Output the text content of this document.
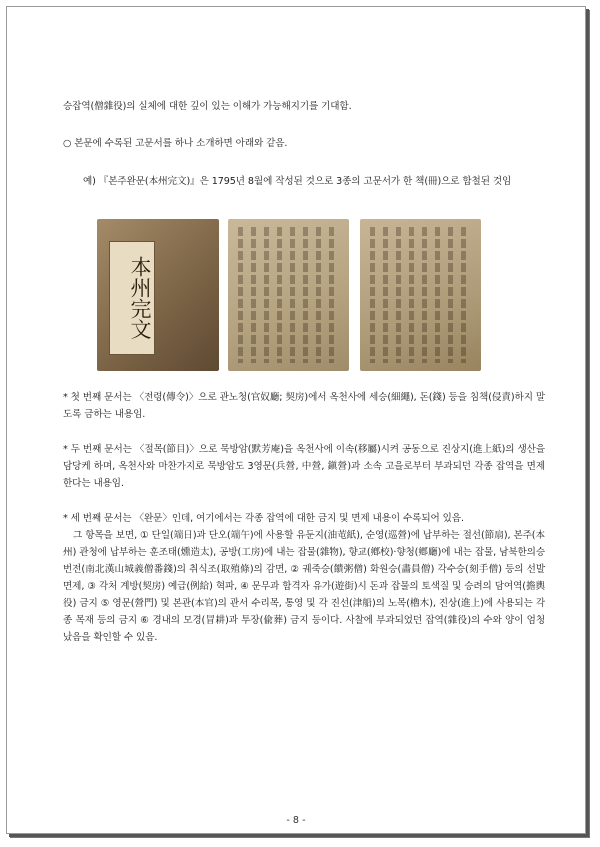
승잡역(僧雜役)의 실체에 대한 깊이 있는 이해가 가능해지기를 기대함.
○ 본문에 수록된 고문서를 하나 소개하면 아래와 같음.
예) 『본주완문(本州完文)』은 1795년 8월에 작성된 것으로 3종의 고문서가 한 책(冊)으로 합철된 것임
本州完文
* 첫 번째 문서는 〈전령(傳令)〉으로 관노청(官奴廳; 契房)에서 옥천사에 세승(細繩), 돈(錢) 등을 침책(侵責)하지 말도록 금하는 내용임.
* 두 번째 문서는 〈절목(節目)〉으로 묵방암(默芳庵)을 옥천사에 이속(移屬)시켜 공동으로 진상지(進上紙)의 생산을 담당케 하며, 옥천사와 마찬가지로 묵방암도 3영문(兵營, 中營, 鎭營)과 소속 고을로부터 부과되던 각종 잡역을 면제한다는 내용임.
* 세 번째 문서는 〈완문〉인데, 여기에서는 각종 잡역에 대한 금지 및 면제 내용이 수록되어 있음.
그 항목을 보면, ① 단일(端日)과 단오(端午)에 사용할 유둔지(油芚紙), 순영(巡營)에 납부하는 절선(節扇), 본주(本州) 관청에 납부하는 훈조태(燻造太), 공방(工房)에 내는 잡물(雜物), 향교(鄕校)·향청(鄕廳)에 내는 잡물, 남북한의승번전(南北漢山城義僧番錢)의 취식조(取殖條)의 감면, ② 궤죽승(饋粥僧) 화원승(畵員僧) 각수승(刻手僧) 등의 선발 면제, ③ 각처 계방(契房) 예급(例給) 혁파, ④ 문무과 합격자 유가(遊街)시 돈과 잡물의 토색질 및 승려의 담여역(擔輿役) 금지 ⑤ 영문(營門) 및 본관(本官)의 관서 수리목, 통영 및 각 진선(津船)의 노목(櫓木), 진상(進上)에 사용되는 각종 목재 등의 금지 ⑥ 경내의 모경(冒耕)과 투장(偸葬) 금지 등이다. 사찰에 부과되었던 잡역(雜役)의 수와 양이 엄청났음을 확인할 수 있음.
- 8 -
